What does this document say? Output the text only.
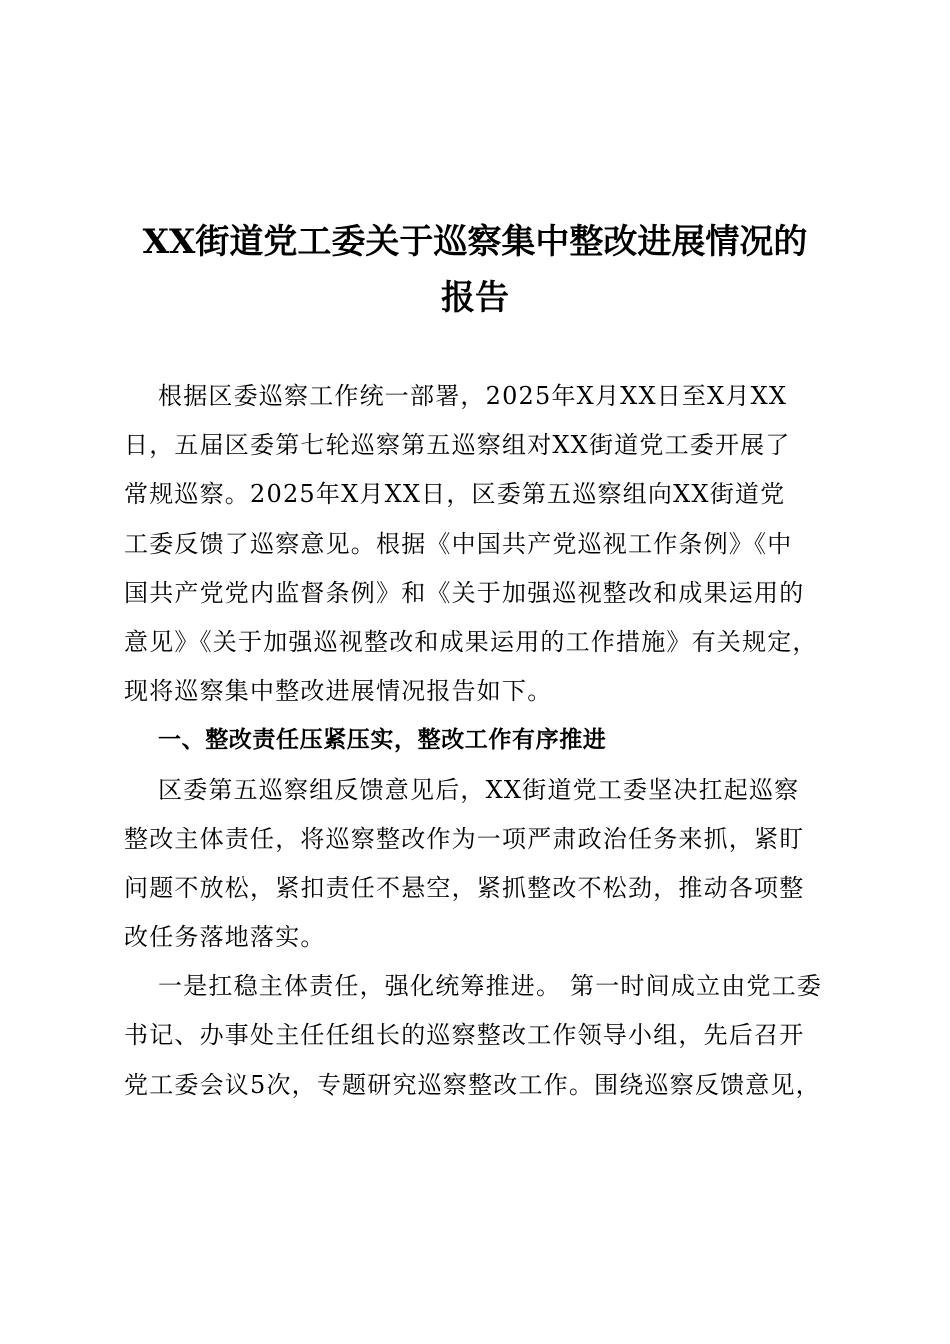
XX街道党工委关于巡察集中整改进展情况的
报告

根据区委巡察工作统一部署，2025年X月XX日至X月XX
日，五届区委第七轮巡察第五巡察组对XX街道党工委开展了
常规巡察。2025年X月XX日，区委第五巡察组向XX街道党
工委反馈了巡察意见。根据《中国共产党巡视工作条例》《中
国共产党党内监督条例》和《关于加强巡视整改和成果运用的
意见》《关于加强巡视整改和成果运用的工作措施》有关规定，
现将巡察集中整改进展情况报告如下。

一、整改责任压紧压实，整改工作有序推进

区委第五巡察组反馈意见后，XX街道党工委坚决扛起巡察
整改主体责任，将巡察整改作为一项严肃政治任务来抓，紧盯
问题不放松，紧扣责任不悬空，紧抓整改不松劲，推动各项整
改任务落地落实。

一是扛稳主体责任，强化统筹推进。 第一时间成立由党工委
书记、办事处主任任组长的巡察整改工作领导小组，先后召开
党工委会议5次，专题研究巡察整改工作。围绕巡察反馈意见，
